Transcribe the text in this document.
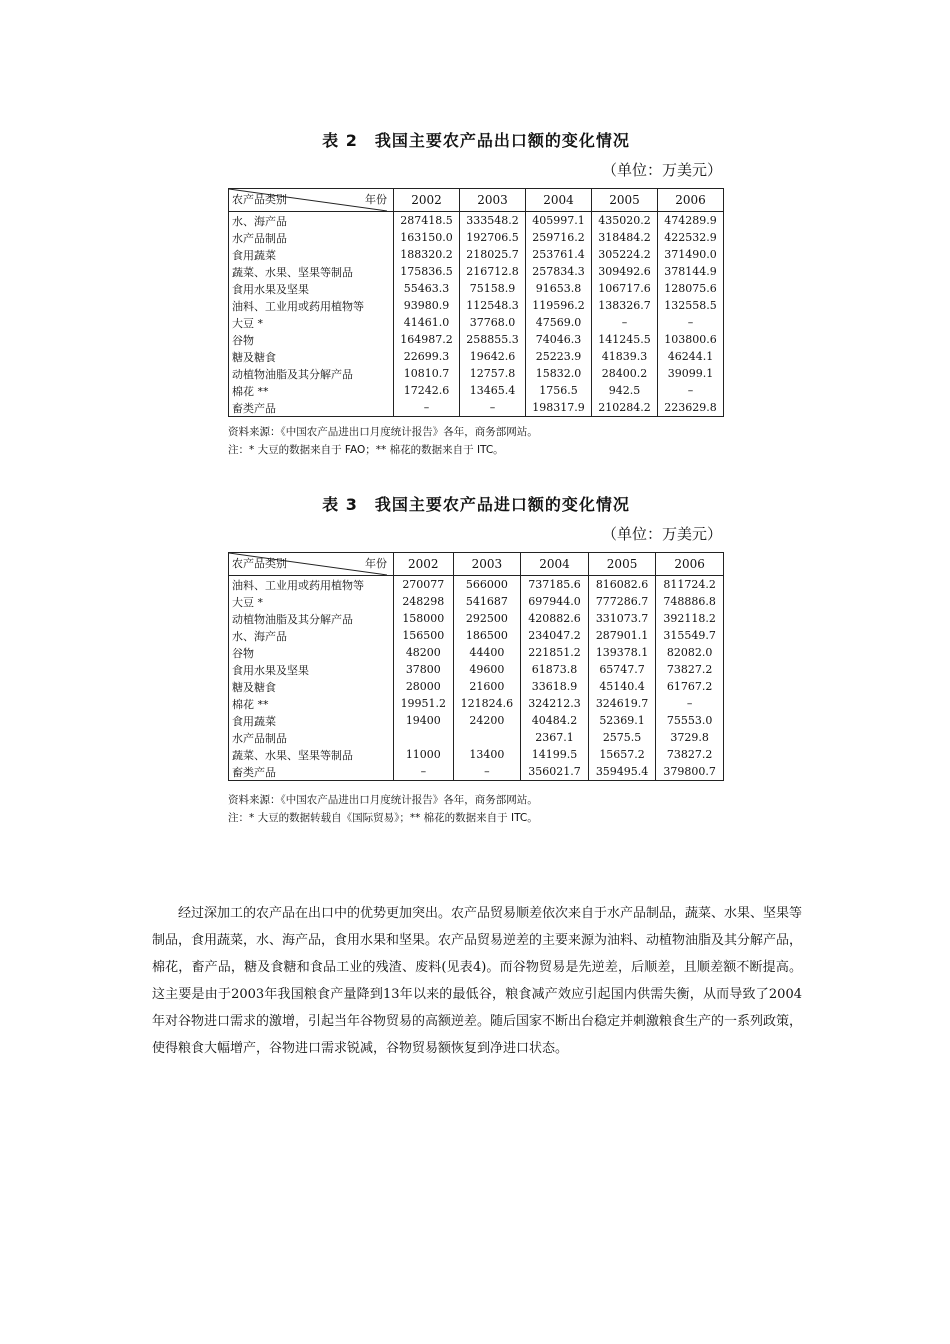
表 2　我国主要农产品出口额的变化情况
（单位：万美元）
农产品类别 年份	2002	2003	2004	2005	2006
水、海产品	287418.5	333548.2	405997.1	435020.2	474289.9
水产品制品	163150.0	192706.5	259716.2	318484.2	422532.9
食用蔬菜	188320.2	218025.7	253761.4	305224.2	371490.0
蔬菜、水果、坚果等制品	175836.5	216712.8	257834.3	309492.6	378144.9
食用水果及坚果	55463.3	75158.9	91653.8	106717.6	128075.6
油料、工业用或药用植物等	93980.9	112548.3	119596.2	138326.7	132558.5
大豆 *	41461.0	37768.0	47569.0	–	–
谷物	164987.2	258855.3	74046.3	141245.5	103800.6
糖及糖食	22699.3	19642.6	25223.9	41839.3	46244.1
动植物油脂及其分解产品	10810.7	12757.8	15832.0	28400.2	39099.1
棉花 **	17242.6	13465.4	1756.5	942.5	–
畜类产品	–	–	198317.9	210284.2	223629.8
资料来源：《中国农产品进出口月度统计报告》各年，商务部网站。
注：* 大豆的数据来自于 FAO；** 棉花的数据来自于 ITC。
表 3　我国主要农产品进口额的变化情况
（单位：万美元）
农产品类别 年份	2002	2003	2004	2005	2006
油料、工业用或药用植物等	270077	566000	737185.6	816082.6	811724.2
大豆 *	248298	541687	697944.0	777286.7	748886.8
动植物油脂及其分解产品	158000	292500	420882.6	331073.7	392118.2
水、海产品	156500	186500	234047.2	287901.1	315549.7
谷物	48200	44400	221851.2	139378.1	82082.0
食用水果及坚果	37800	49600	61873.8	65747.7	73827.2
糖及糖食	28000	21600	33618.9	45140.4	61767.2
棉花 **	19951.2	121824.6	324212.3	324619.7	–
食用蔬菜	19400	24200	40484.2	52369.1	75553.0
水产品制品			2367.1	2575.5	3729.8
蔬菜、水果、坚果等制品	11000	13400	14199.5	15657.2	73827.2
畜类产品	–	–	356021.7	359495.4	379800.7
资料来源：《中国农产品进出口月度统计报告》各年，商务部网站。
注：* 大豆的数据转载自《国际贸易》；** 棉花的数据来自于 ITC。
经过深加工的农产品在出口中的优势更加突出。农产品贸易顺差依次来自于水产品制品，蔬菜、水果、坚果等制品，食用蔬菜，水、海产品，食用水果和坚果。农产品贸易逆差的主要来源为油料、动植物油脂及其分解产品，棉花，畜产品，糖及食糖和食品工业的残渣、废料(见表4)。而谷物贸易是先逆差，后顺差，且顺差额不断提高。这主要是由于2003年我国粮食产量降到13年以来的最低谷，粮食减产效应引起国内供需失衡，从而导致了2004年对谷物进口需求的激增，引起当年谷物贸易的高额逆差。随后国家不断出台稳定并刺激粮食生产的一系列政策，使得粮食大幅增产，谷物进口需求锐减，谷物贸易额恢复到净进口状态。
